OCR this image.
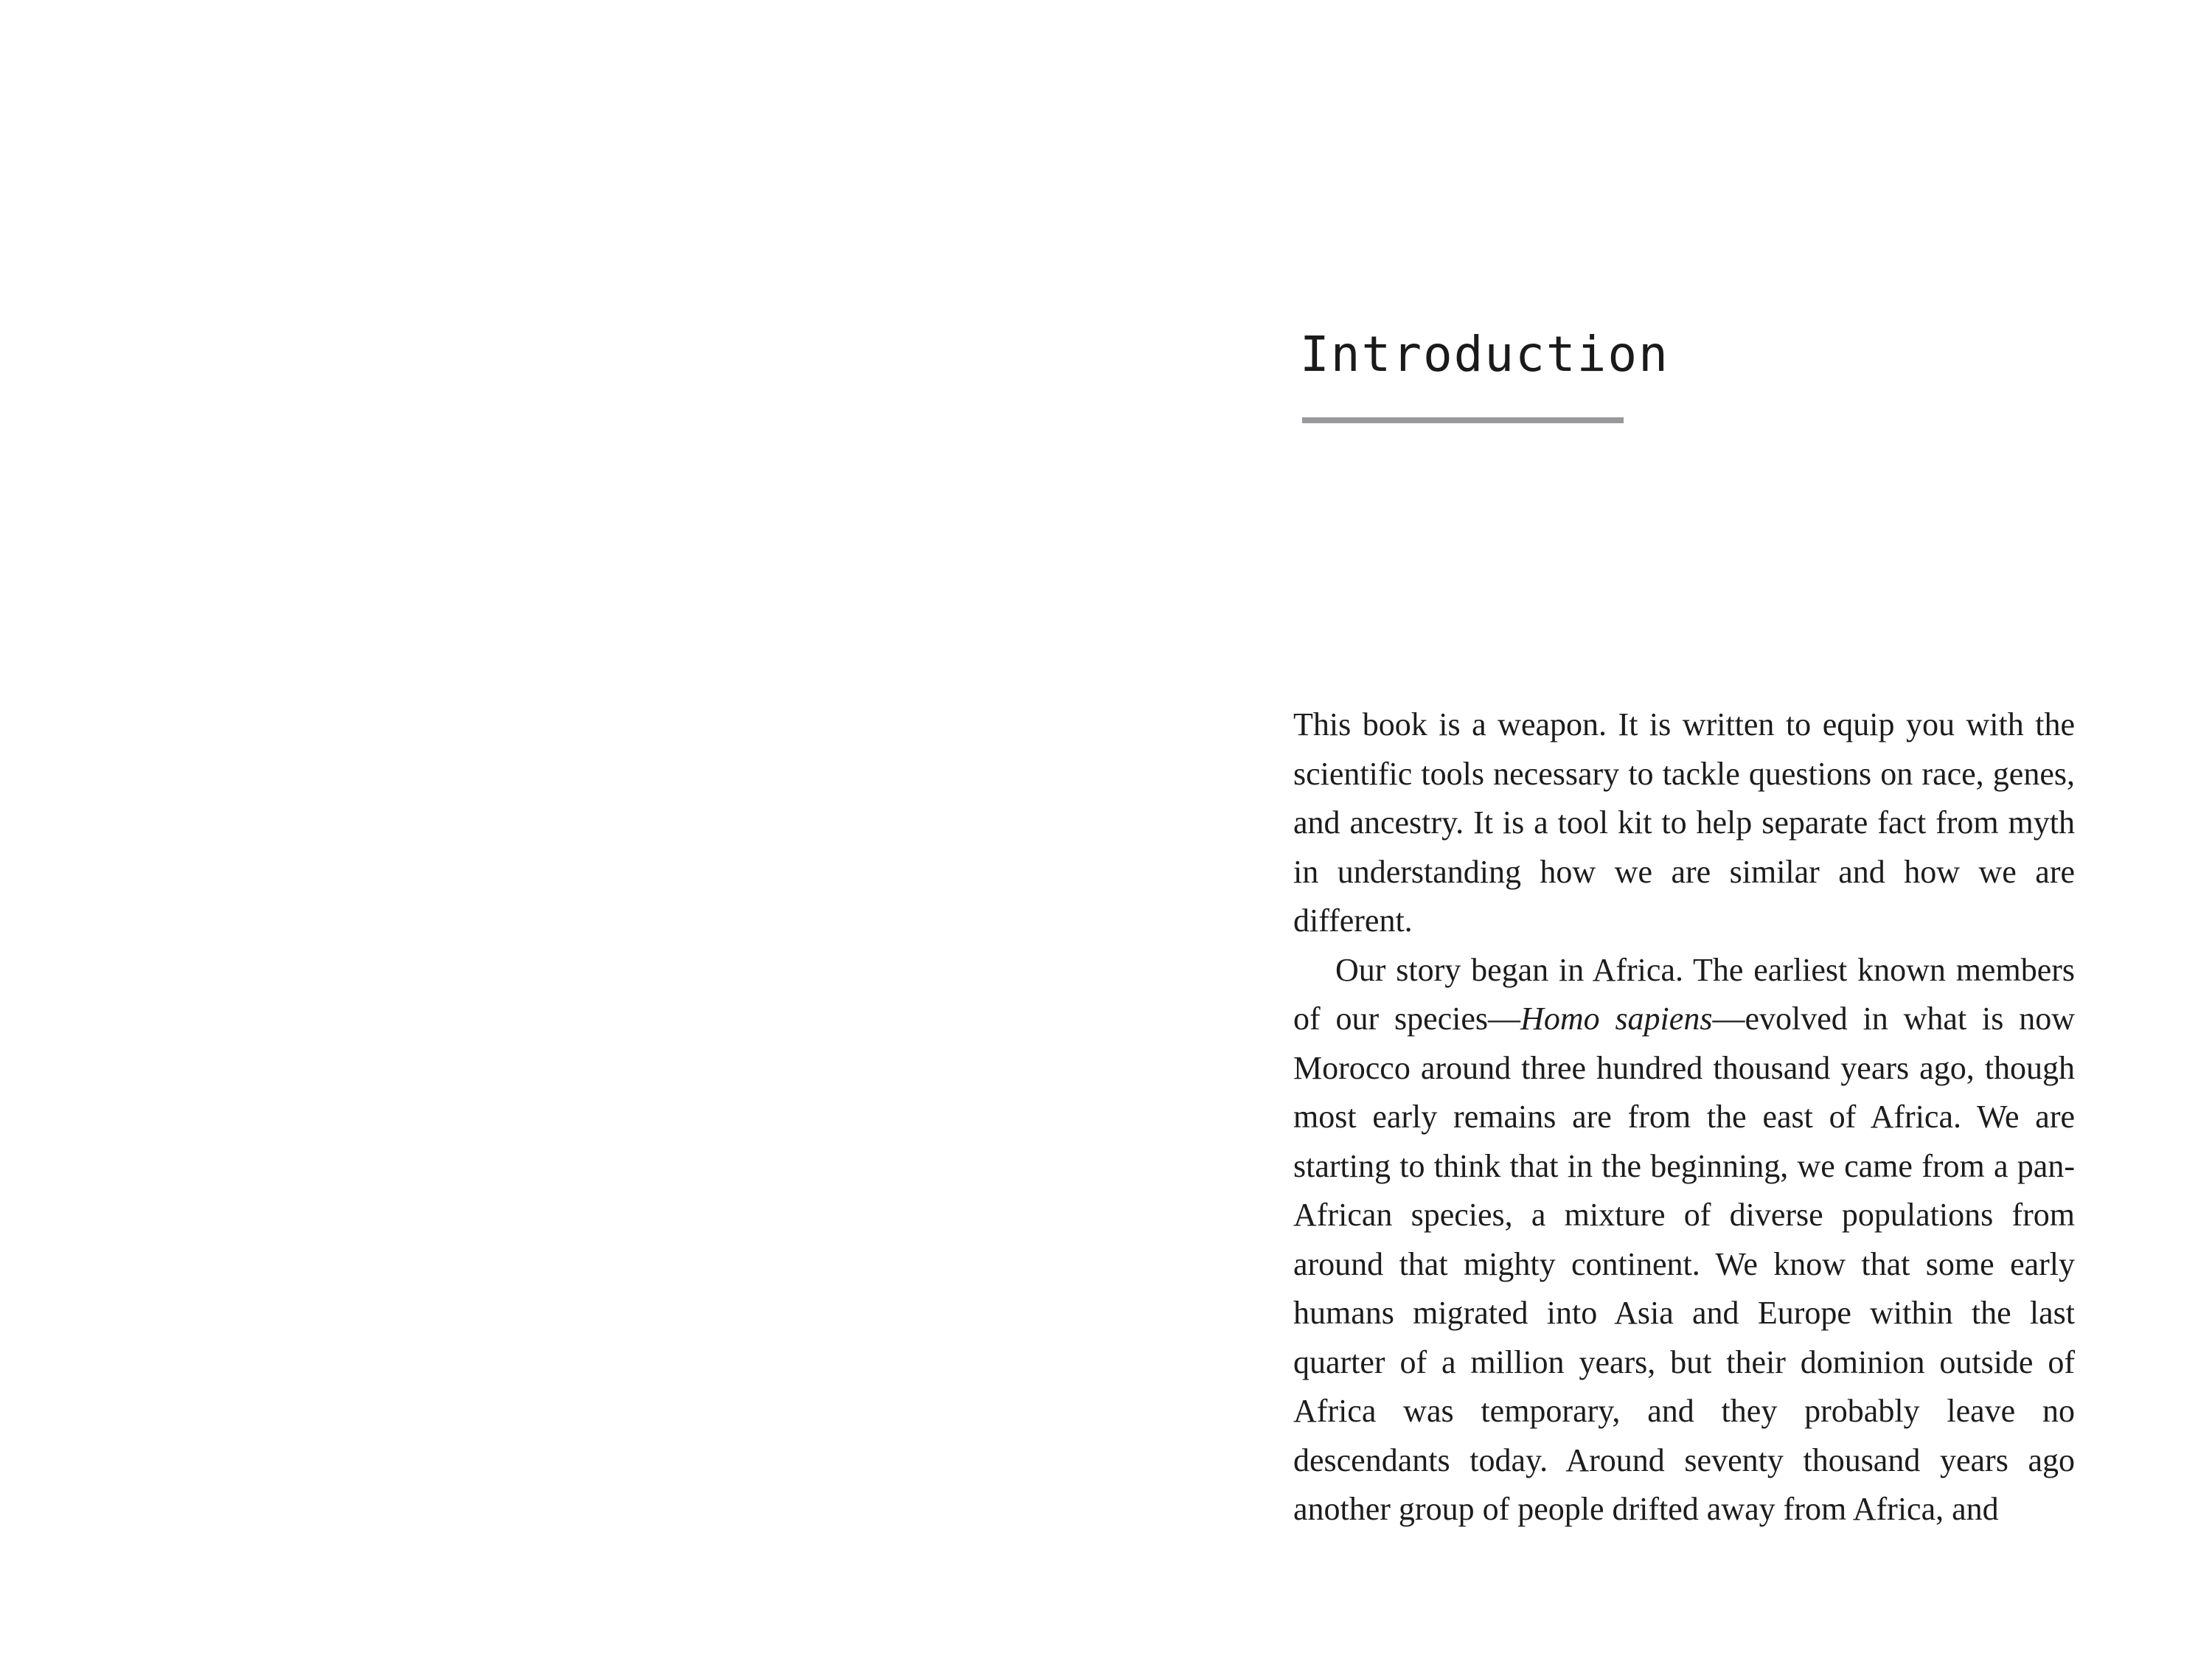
Introduction

This book is a weapon. It is written to equip you with the scientific tools necessary to tackle questions on race, genes, and ancestry. It is a tool kit to help separate fact from myth in understanding how we are similar and how we are different.

Our story began in Africa. The earliest known members of our species—Homo sapiens—evolved in what is now Morocco around three hundred thousand years ago, though most early remains are from the east of Africa. We are starting to think that in the beginning, we came from a pan-African species, a mixture of diverse populations from around that mighty continent. We know that some early humans migrated into Asia and Europe within the last quarter of a million years, but their dominion outside of Africa was temporary, and they probably leave no descendants today. Around seventy thousand years ago another group of people drifted away from Africa, and
